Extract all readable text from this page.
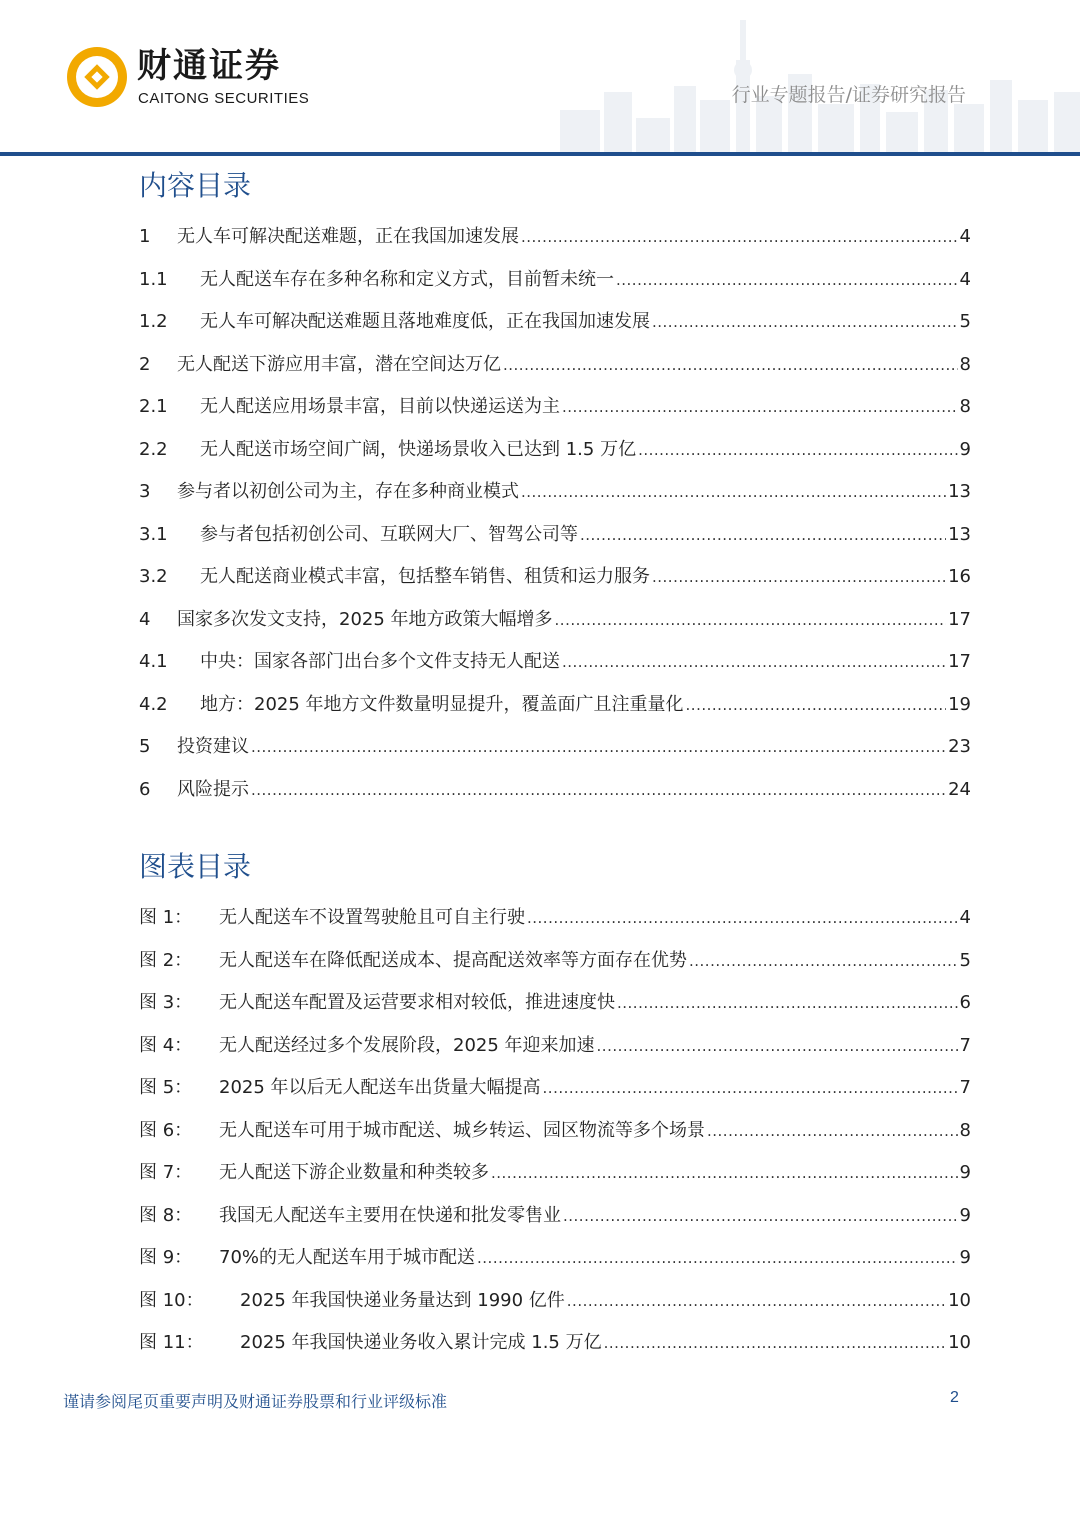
财通证券
CAITONG SECURITIES	行业专题报告/证券研究报告
内容目录
1	无人车可解决配送难题，正在我国加速发展 .....	4
1.1	无人配送车存在多种名称和定义方式，目前暂未统一 .....	4
1.2	无人车可解决配送难题且落地难度低，正在我国加速发展 .....	5
2	无人配送下游应用丰富，潜在空间达万亿 .....	8
2.1	无人配送应用场景丰富，目前以快递运送为主 .....	8
2.2	无人配送市场空间广阔，快递场景收入已达到 1.5 万亿 .....	9
3	参与者以初创公司为主，存在多种商业模式 .....	13
3.1	参与者包括初创公司、互联网大厂、智驾公司等 .....	13
3.2	无人配送商业模式丰富，包括整车销售、租赁和运力服务 .....	16
4	国家多次发文支持，2025 年地方政策大幅增多 .....	17
4.1	中央：国家各部门出台多个文件支持无人配送 .....	17
4.2	地方：2025 年地方文件数量明显提升，覆盖面广且注重量化 .....	19
5	投资建议 .....	23
6	风险提示 .....	24
图表目录
图 1：	无人配送车不设置驾驶舱且可自主行驶 .....	4
图 2：	无人配送车在降低配送成本、提高配送效率等方面存在优势 .....	5
图 3：	无人配送车配置及运营要求相对较低，推进速度快 .....	6
图 4：	无人配送经过多个发展阶段，2025 年迎来加速 .....	7
图 5：	2025 年以后无人配送车出货量大幅提高 .....	7
图 6：	无人配送车可用于城市配送、城乡转运、园区物流等多个场景 .....	8
图 7：	无人配送下游企业数量和种类较多 .....	9
图 8：	我国无人配送车主要用在快递和批发零售业 .....	9
图 9：	70%的无人配送车用于城市配送 .....	9
图 10：	2025 年我国快递业务量达到 1990 亿件 .....	10
图 11：	2025 年我国快递业务收入累计完成 1.5 万亿 .....	10
谨请参阅尾页重要声明及财通证券股票和行业评级标准	2
